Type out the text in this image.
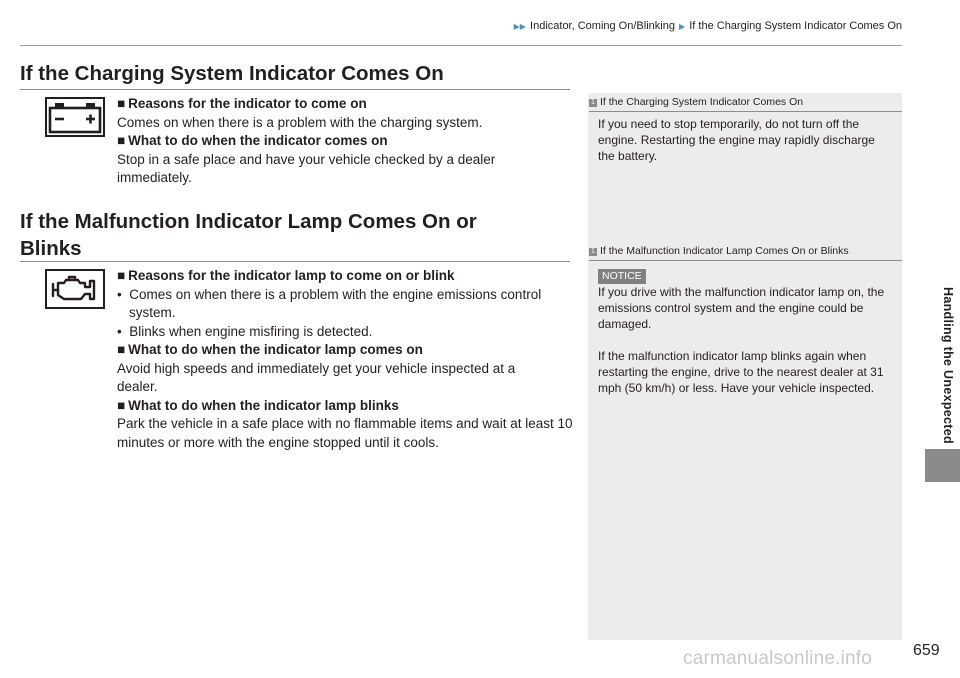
▶▶ Indicator, Coming On/Blinking ▶ If the Charging System Indicator Comes On
Handling the Unexpected
If the Charging System Indicator Comes On

■ Reasons for the indicator to come on

Comes on when there is a problem with the charging system.

■ What to do when the indicator comes on

Stop in a safe place and have your vehicle checked by a dealer immediately.

If the Malfunction Indicator Lamp Comes On or
Blinks

■ Reasons for the indicator lamp to come on or blink

•  Comes on when there is a problem with the engine emissions control system.

•  Blinks when engine misfiring is detected.

■ What to do when the indicator lamp comes on

Avoid high speeds and immediately get your vehicle inspected at a dealer.

■ What to do when the indicator lamp blinks

Park the vehicle in a safe place with no flammable items and wait at least 10 minutes or more with the engine stopped until it cools.

1 If the Charging System Indicator Comes On

If you need to stop temporarily, do not turn off the engine. Restarting the engine may rapidly discharge the battery.

1 If the Malfunction Indicator Lamp Comes On or Blinks
NOTICE

If you drive with the malfunction indicator lamp on, the emissions control system and the engine could be damaged.

If the malfunction indicator lamp blinks again when restarting the engine, drive to the nearest dealer at 31 mph (50 km/h) or less. Have your vehicle inspected.

carmanualsonline.info	659
